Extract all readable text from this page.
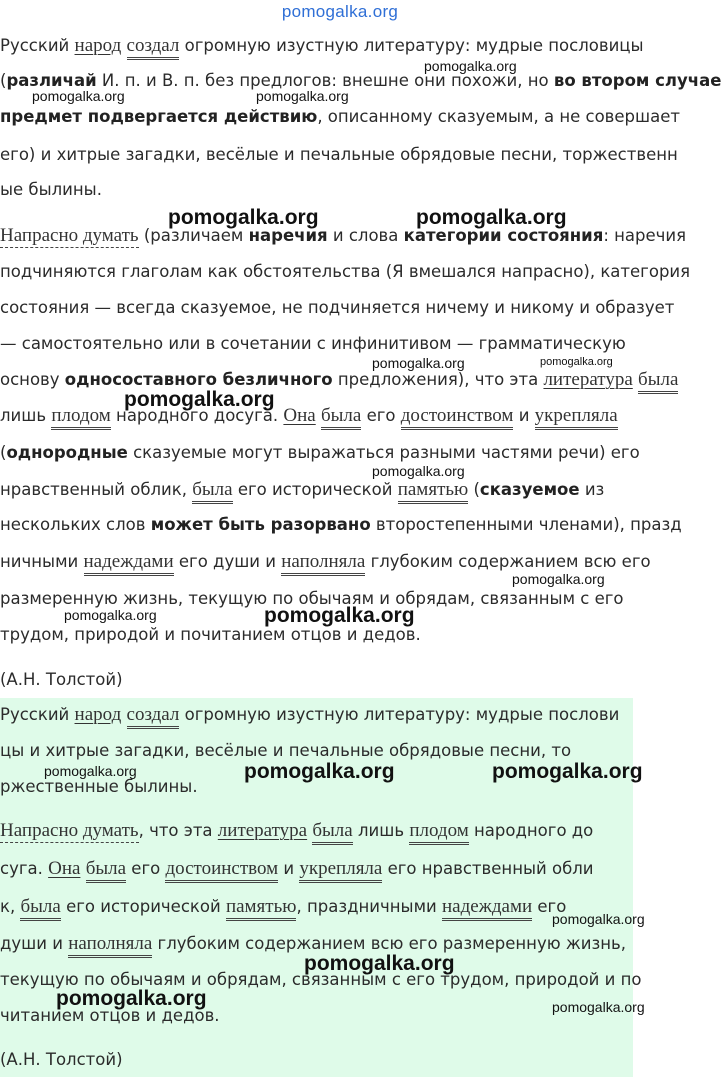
pomogalka.org
Русский народ создал огромную изустную литературу: мудрые пословицы
(различай И. п. и В. п. без предлогов: внешне они похожи, но во втором случае
предмет подвергается действию, описанному сказуемым, а не совершает
его) и хитрые загадки, весёлые и печальные обрядовые песни, торжественн
ые былины.
Напрасно думать (различаем наречия и слова категории состояния: наречия
подчиняются глаголам как обстоятельства (Я вмешался напрасно), категория
состояния — всегда сказуемое, не подчиняется ничему и никому и образует
— самостоятельно или в сочетании с инфинитивом — грамматическую
основу односоставного безличного предложения), что эта литература была
лишь плодом народного досуга. Она была его достоинством и укрепляла
(однородные сказуемые могут выражаться разными частями речи) его
нравственный облик, была его исторической памятью (сказуемое из
нескольких слов может быть разорвано второстепенными членами), празд
ничными надеждами его души и наполняла глубоким содержанием всю его
размеренную жизнь, текущую по обычаям и обрядам, связанным с его
трудом, природой и почитанием отцов и дедов.
(А.Н. Толстой)
Русский народ создал огромную изустную литературу: мудрые послови
цы и хитрые загадки, весёлые и печальные обрядовые песни, то
ржественные былины.
Напрасно думать, что эта литература была лишь плодом народного до
суга. Она была его достоинством и укрепляла его нравственный обли
к, была его исторической памятью, праздничными надеждами его
души и наполняла глубоким содержанием всю его размеренную жизнь,
текущую по обычаям и обрядам, связанным с его трудом, природой и по
читанием отцов и дедов.
(А.Н. Толстой)
pomogalka.org
pomogalka.org	pomogalka.org
pomogalka.org	pomogalka.org
pomogalka.org	pomogalka.org
pomogalka.org
pomogalka.org
pomogalka.org
pomogalka.org
pomogalka.org
pomogalka.org	pomogalka.org	pomogalka.org
pomogalka.org
pomogalka.org
pomogalka.org	pomogalka.org
